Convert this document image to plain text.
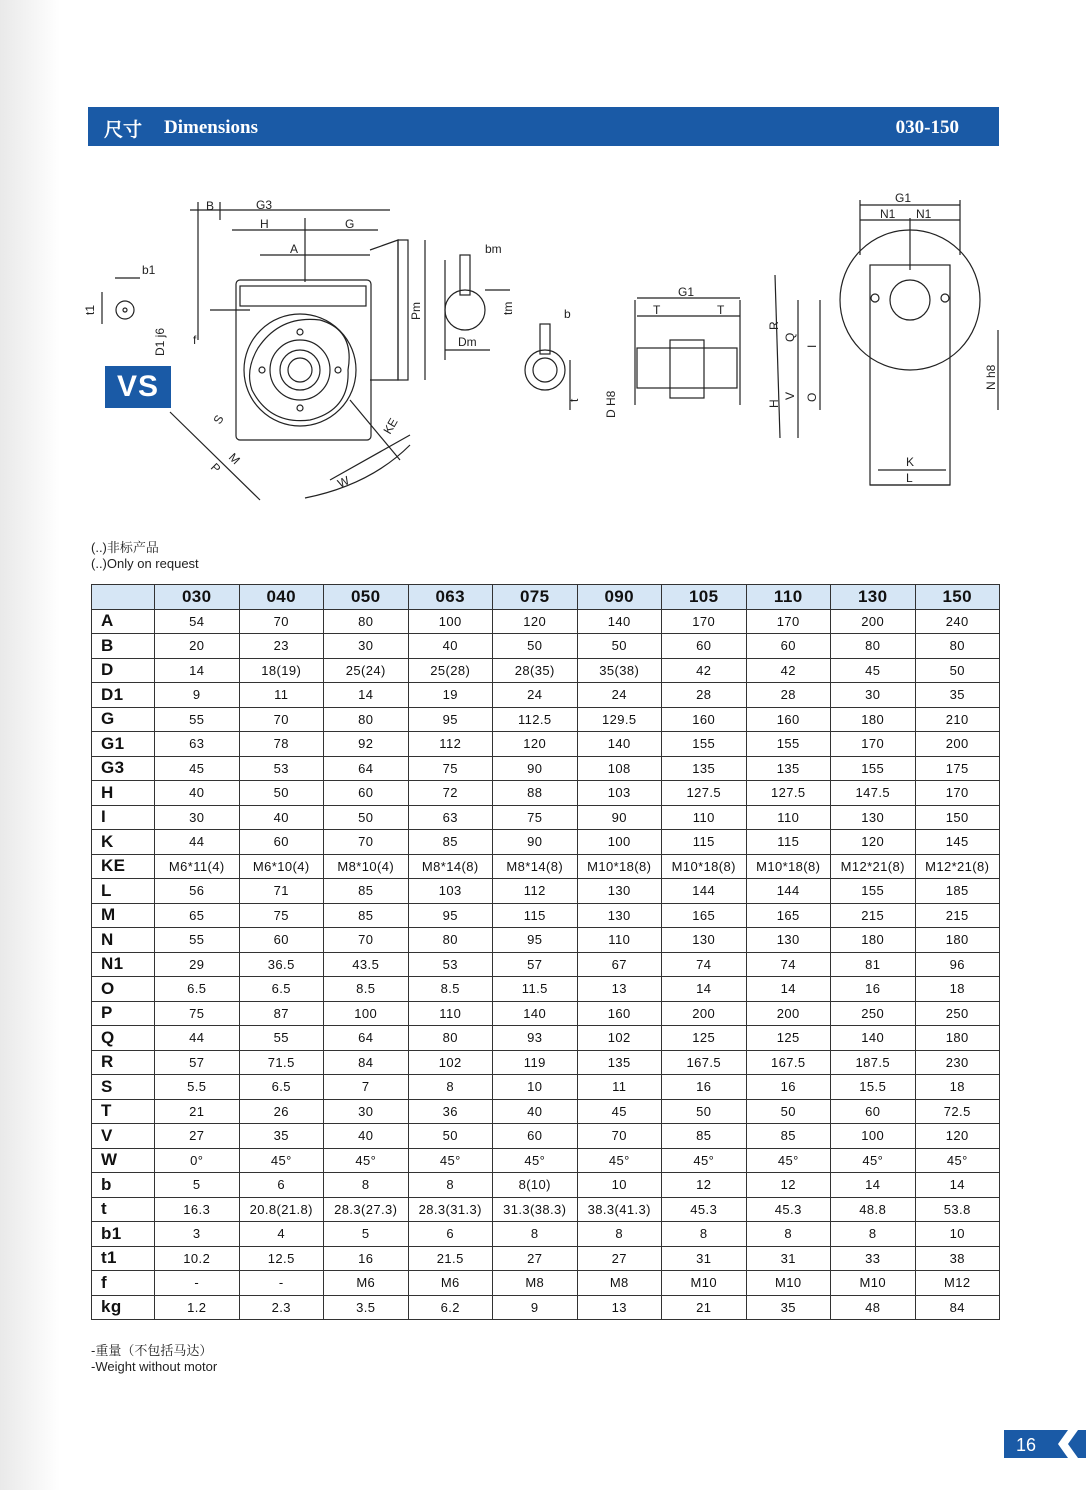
尺寸 Dimensions	030-150
B	G3
H	G
A
b1
t1
D1 j6 f
Pm
S
M
P
KE
W
bm
tm
Dm
b
t D H8
G1
T	T
G1
N1 N1
R
Q
I
H
V O
N h8
K
L
VS
(..)非标产品
(..)Only on request
	030	040	050	063	075	090	105	110	130	150
A	54	70	80	100	120	140	170	170	200	240
B	20	23	30	40	50	50	60	60	80	80
D	14	18(19)	25(24)	25(28)	28(35)	35(38)	42	42	45	50
D1	9	11	14	19	24	24	28	28	30	35
G	55	70	80	95	112.5	129.5	160	160	180	210
G1	63	78	92	112	120	140	155	155	170	200
G3	45	53	64	75	90	108	135	135	155	175
H	40	50	60	72	88	103	127.5	127.5	147.5	170
I	30	40	50	63	75	90	110	110	130	150
K	44	60	70	85	90	100	115	115	120	145
KE	M6*11(4)	M6*10(4)	M8*10(4)	M8*14(8)	M8*14(8)	M10*18(8)	M10*18(8)	M10*18(8)	M12*21(8)	M12*21(8)
L	56	71	85	103	112	130	144	144	155	185
M	65	75	85	95	115	130	165	165	215	215
N	55	60	70	80	95	110	130	130	180	180
N1	29	36.5	43.5	53	57	67	74	74	81	96
O	6.5	6.5	8.5	8.5	11.5	13	14	14	16	18
P	75	87	100	110	140	160	200	200	250	250
Q	44	55	64	80	93	102	125	125	140	180
R	57	71.5	84	102	119	135	167.5	167.5	187.5	230
S	5.5	6.5	7	8	10	11	16	16	15.5	18
T	21	26	30	36	40	45	50	50	60	72.5
V	27	35	40	50	60	70	85	85	100	120
W	0°	45°	45°	45°	45°	45°	45°	45°	45°	45°
b	5	6	8	8	8(10)	10	12	12	14	14
t	16.3	20.8(21.8)	28.3(27.3)	28.3(31.3)	31.3(38.3)	38.3(41.3)	45.3	45.3	48.8	53.8
b1	3	4	5	6	8	8	8	8	8	10
t1	10.2	12.5	16	21.5	27	27	31	31	33	38
f	-	-	M6	M6	M8	M8	M10	M10	M10	M12
kg	1.2	2.3	3.5	6.2	9	13	21	35	48	84
-重量（不包括马达）
-Weight without motor
16
